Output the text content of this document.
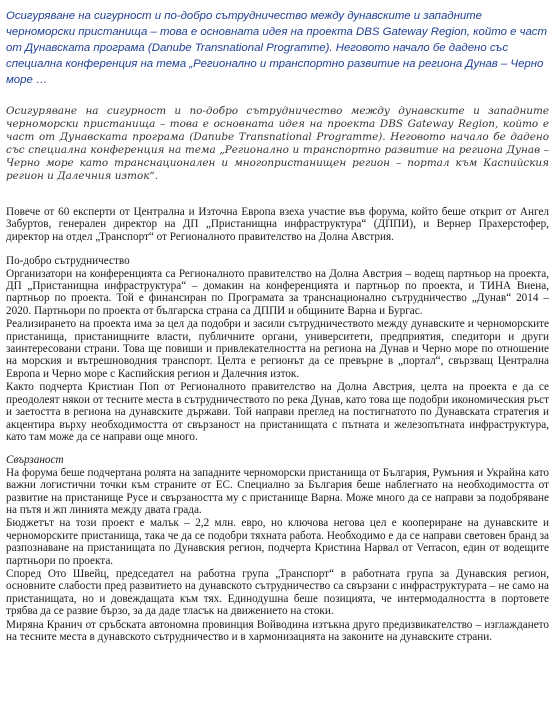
Осигуряване на сигурност и по-добро сътрудничество между дунавските и западните черноморски пристанища – това е основната идея на проекта DBS Gateway Region, който е част от Дунавската програма (Danube Transnational Programme). Неговото начало бе дадено със специална конференция на тема „Регионално и транспортно развитие на региона Дунав – Черно море …

Осигуряване на сигурност и по-добро сътрудничество между дунавските и западните черноморски пристанища – това е основната идея на проекта DBS Gateway Region, който е част от Дунавската програма (Danube Transnational Programme). Неговото начало бе дадено със специална конференция на тема „Регионално и транспортно развитие на региона Дунав – Черно море като транснационален и многопристанищен регион – портал към Каспийския регион и Далечния изток“.

Повече от 60 експерти от Централна и Източна Европа взеха участие във форума, който беше открит от Ангел Забуртов, генерален директор на ДП „Пристанищна инфраструктура“ (ДППИ), и Вернер Прахерстофер, директор на отдел „Транспорт“ от Регионалното правителство на Долна Австрия.

По-добро сътрудничество

Организатори на конференцията са Регионалното правителство на Долна Австрия – водещ партньор на проекта, ДП „Пристанищна инфраструктура“ – домакин на конференцията и партньор по проекта, и ТИНА Виена, партньор по проекта. Той е финансиран по Програмата за транснационално сътрудничество „Дунав“ 2014 – 2020. Партньори по проекта от българска страна са ДППИ и общините Варна и Бургас.

Реализирането на проекта има за цел да подобри и засили сътрудничеството между дунавските и черноморските пристанища, пристанищните власти, публичните органи, университети, предприятия, спедитори и други заинтересовани страни. Това ще повиши и привлекателността на региона на Дунав и Черно море по отношение на морския и вътрешноводния транспорт. Целта е регионът да се превърне в „портал“, свързващ Централна Европа и Черно море с Каспийския регион и Далечния изток.

Както подчерта Кристиан Поп от Регионалното правителство на Долна Австрия, целта на проекта е да се преодолеят някои от тесните места в сътрудничеството по река Дунав, като това ще подобри икономическия ръст и заетостта в региона на дунавските държави. Той направи преглед на постигнатото по Дунавската стратегия и акцентира върху необходимостта от свързаност на пристанищата с пътната и железопътната инфраструктура, като там може да се направи още много.

Свързаност

На форума беше подчертана ролята на западните черноморски пристанища от България, Румъния и Украйна като важни логистични точки към страните от ЕС. Специално за България беше наблегнато на необходимостта от развитие на пристанище Русе и свързаността му с пристанище Варна. Може много да се направи за подобряване на пътя и жп линията между двата града.

Бюджетът на този проект е малък – 2,2 млн. евро, но ключова негова цел е коопериране на дунавските и черноморските пристанища, така че да се подобри тяхната работа. Необходимо е да се направи световен бранд за разпознаване на пристанищата по Дунавския регион, подчерта Кристина Нарвал от Verracon, един от водещите партньори по проекта.

Според Ото Швейц, председател на работна група „Транспорт“ в работната група за Дунавския регион, основните слабости пред развитието на дунавското сътрудничество са свързани с инфраструктурата – не само на пристанищата, но и довеждащата към тях. Единодушна беше позицията, че интермодалността в портовете трябва да се развие бързо, за да даде тласък на движението на стоки.

Миряна Кранич от сръбската автономна провинция Войводина изтъкна друго предизвикателство – изглаждането на тесните места в дунавското сътрудничество и в хармонизацията на законите на дунавските страни.
